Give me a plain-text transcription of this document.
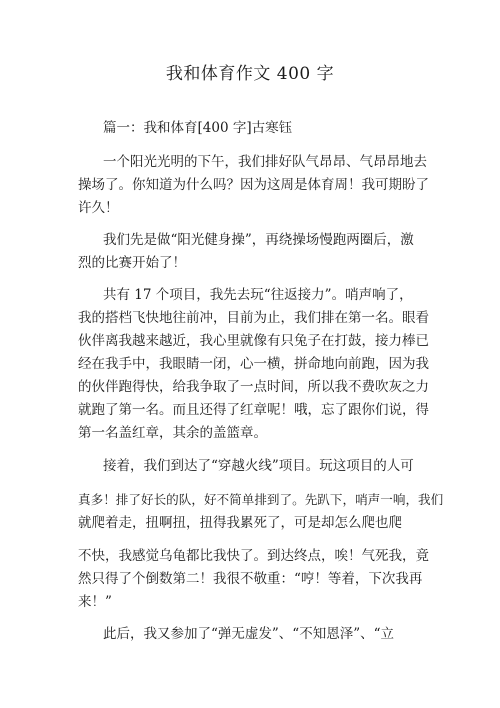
我和体育作文 400 字
篇一：我和体育[400 字]古寒钰
一个阳光光明的下午，我们排好队气昂昂、气昂昂地去
操场了。你知道为什么吗？因为这周是体育周！我可期盼了
许久！
我们先是做“阳光健身操”，再绕操场慢跑两圈后，激
烈的比赛开始了！
共有 17 个项目，我先去玩“往返接力”。哨声响了，
我的搭档飞快地往前冲，目前为止，我们排在第一名。眼看
伙伴离我越来越近，我心里就像有只兔子在打鼓，接力棒已
经在我手中，我眼睛一闭，心一横，拼命地向前跑，因为我
的伙伴跑得快，给我争取了一点时间，所以我不费吹灰之力
就跑了第一名。而且还得了红章呢！哦，忘了跟你们说，得
第一名盖红章，其余的盖篮章。
接着，我们到达了“穿越火线”项目。玩这项目的人可
真多！排了好长的队，好不简单排到了。先趴下，哨声一响，我们
就爬着走，扭啊扭，扭得我累死了，可是却怎么爬也爬
不快，我感觉乌龟都比我快了。到达终点，唉！气死我，竟
然只得了个倒数第二！我很不敬重：“哼！等着，下次我再
来！”
此后，我又参加了“弹无虚发”、“不知恩泽”、“立
